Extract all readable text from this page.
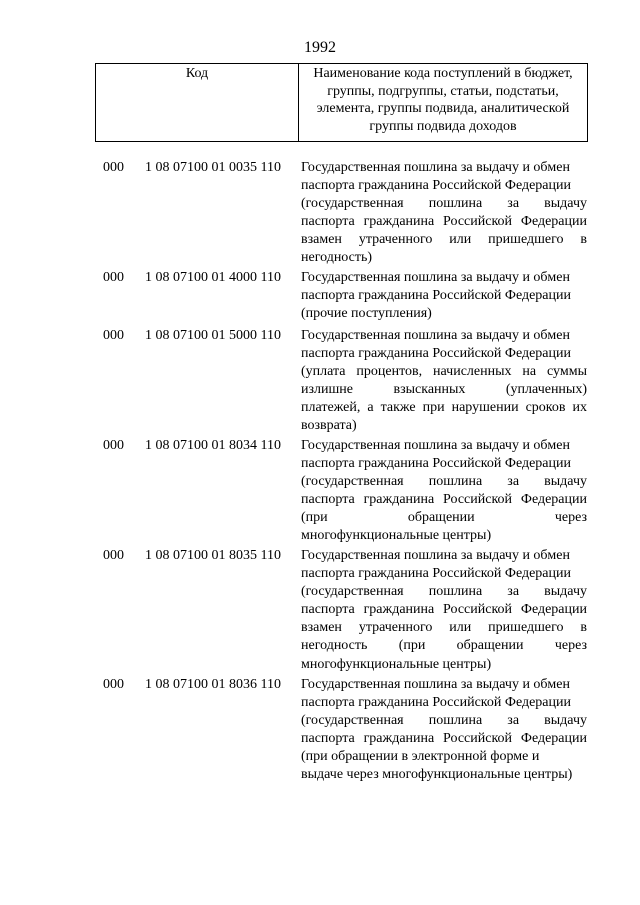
1992
Код	Наименование кода поступлений в бюджет,
группы, подгруппы, статьи, подстатьи,
элемента, группы подвида, аналитической
группы подвида доходов
000 1 08 07100 01 0035 110 Государственная пошлина за выдачу и обмен
паспорта гражданина Российской Федерации
(государственная пошлина за выдачу
паспорта гражданина Российской Федерации
взамен утраченного или пришедшего в
негодность)
000 1 08 07100 01 4000 110 Государственная пошлина за выдачу и обмен
паспорта гражданина Российской Федерации
(прочие поступления)
000 1 08 07100 01 5000 110 Государственная пошлина за выдачу и обмен
паспорта гражданина Российской Федерации
(уплата процентов, начисленных на суммы
излишне взысканных (уплаченных)
платежей, а также при нарушении сроков их
возврата)
000 1 08 07100 01 8034 110 Государственная пошлина за выдачу и обмен
паспорта гражданина Российской Федерации
(государственная пошлина за выдачу
паспорта гражданина Российской Федерации
(при обращении через
многофункциональные центры)
000 1 08 07100 01 8035 110 Государственная пошлина за выдачу и обмен
паспорта гражданина Российской Федерации
(государственная пошлина за выдачу
паспорта гражданина Российской Федерации
взамен утраченного или пришедшего в
негодность (при обращении через
многофункциональные центры)
000 1 08 07100 01 8036 110 Государственная пошлина за выдачу и обмен
паспорта гражданина Российской Федерации
(государственная пошлина за выдачу
паспорта гражданина Российской Федерации
(при обращении в электронной форме и
выдаче через многофункциональные центры)
